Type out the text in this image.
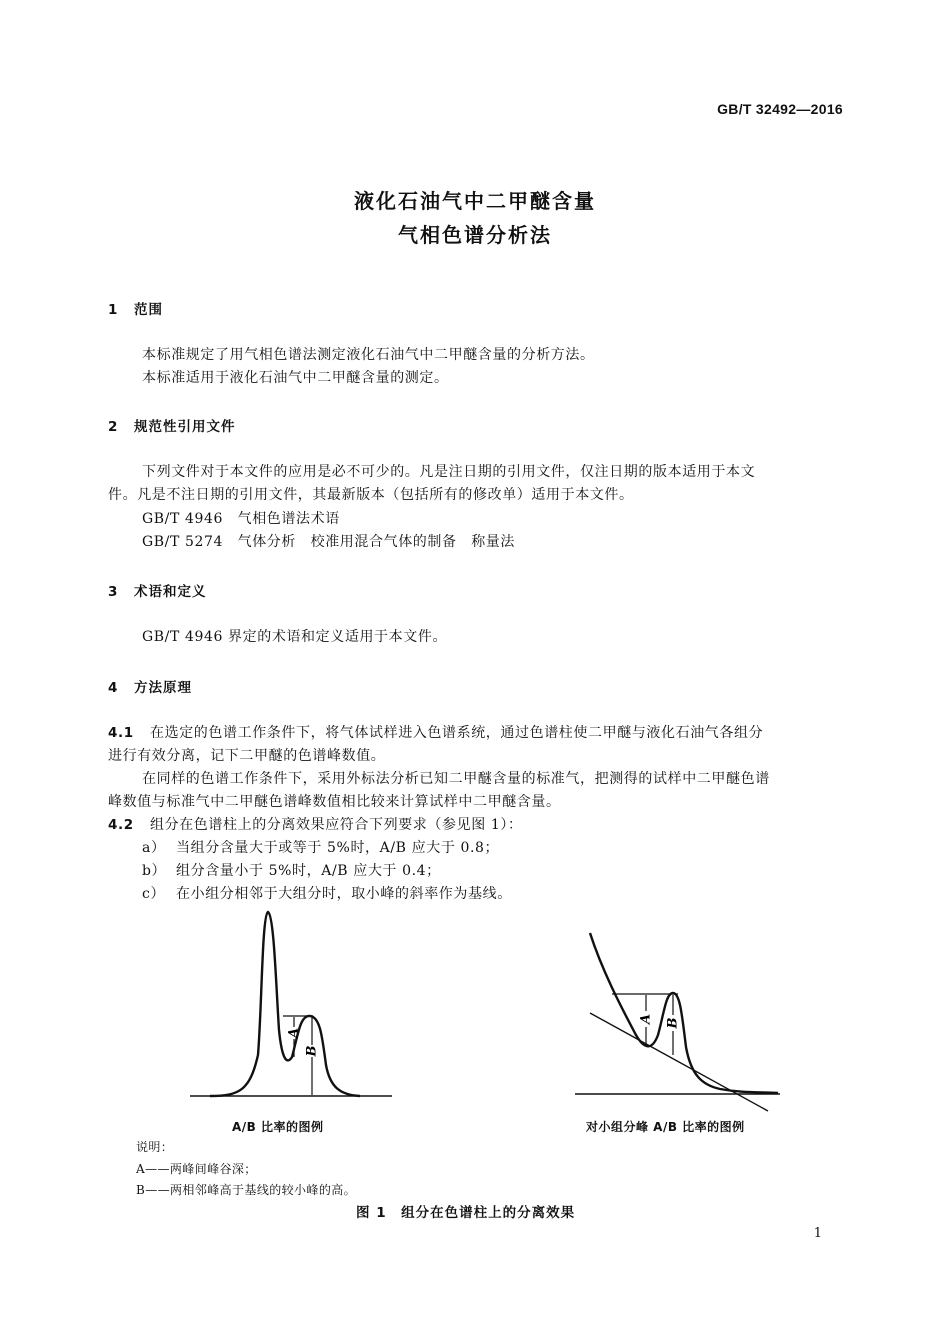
GB/T 32492—2016
液化石油气中二甲醚含量
气相色谱分析法
1 范围
本标准规定了用气相色谱法测定液化石油气中二甲醚含量的分析方法。
本标准适用于液化石油气中二甲醚含量的测定。
2 规范性引用文件
下列文件对于本文件的应用是必不可少的。凡是注日期的引用文件，仅注日期的版本适用于本文
件。凡是不注日期的引用文件，其最新版本（包括所有的修改单）适用于本文件。
GB/T 4946　气相色谱法术语
GB/T 5274　气体分析　校准用混合气体的制备　称量法
3 术语和定义
GB/T 4946 界定的术语和定义适用于本文件。
4 方法原理
4.1 在选定的色谱工作条件下，将气体试样进入色谱系统，通过色谱柱使二甲醚与液化石油气各组分
进行有效分离，记下二甲醚的色谱峰数值。
在同样的色谱工作条件下，采用外标法分析已知二甲醚含量的标准气，把测得的试样中二甲醚色谱
峰数值与标准气中二甲醚色谱峰数值相比较来计算试样中二甲醚含量。
4.2 组分在色谱柱上的分离效果应符合下列要求（参见图 1）：
a） 当组分含量大于或等于 5%时，A/B 应大于 0.8；
b） 组分含量小于 5%时，A/B 应大于 0.4；
c） 在小组分相邻于大组分时，取小峰的斜率作为基线。
A
B
A B
A/B 比率的图例	对小组分峰 A/B 比率的图例
说明：
A——两峰间峰谷深；
B——两相邻峰高于基线的较小峰的高。
图 1　组分在色谱柱上的分离效果
1
